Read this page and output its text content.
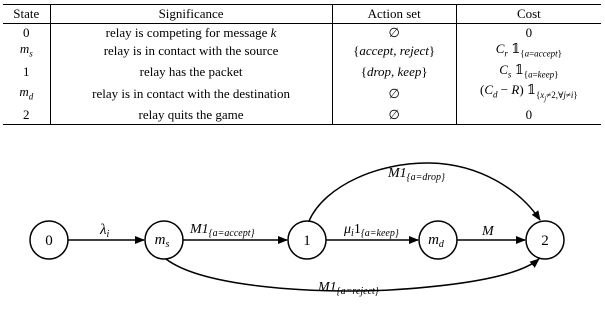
State	Significance	Action set	Cost
0	relay is competing for message k	∅	0
$m_s$	relay is in contact with the source	{accept, reject}	$C_r$ $𝟙_{\{a=accept\}}$
1	relay has the packet	{drop, keep}	$C_s$ $𝟙_{\{a=keep\}}$
$m_d$	relay is in contact with the destination	∅	$(C_d - R)$ $𝟙_{\{x_j\ne 2,\forall j\ne i\}}$
2	relay quits the game	∅	0
0	$m_s$	1	$m_d$	2
$\lambda_i$	$M1_{\{a=accept\}}$	$\mu_i1_{\{a=keep\}}$	M
$M1_{\{a=drop\}}$
$M1_{\{a=reject\}}$
